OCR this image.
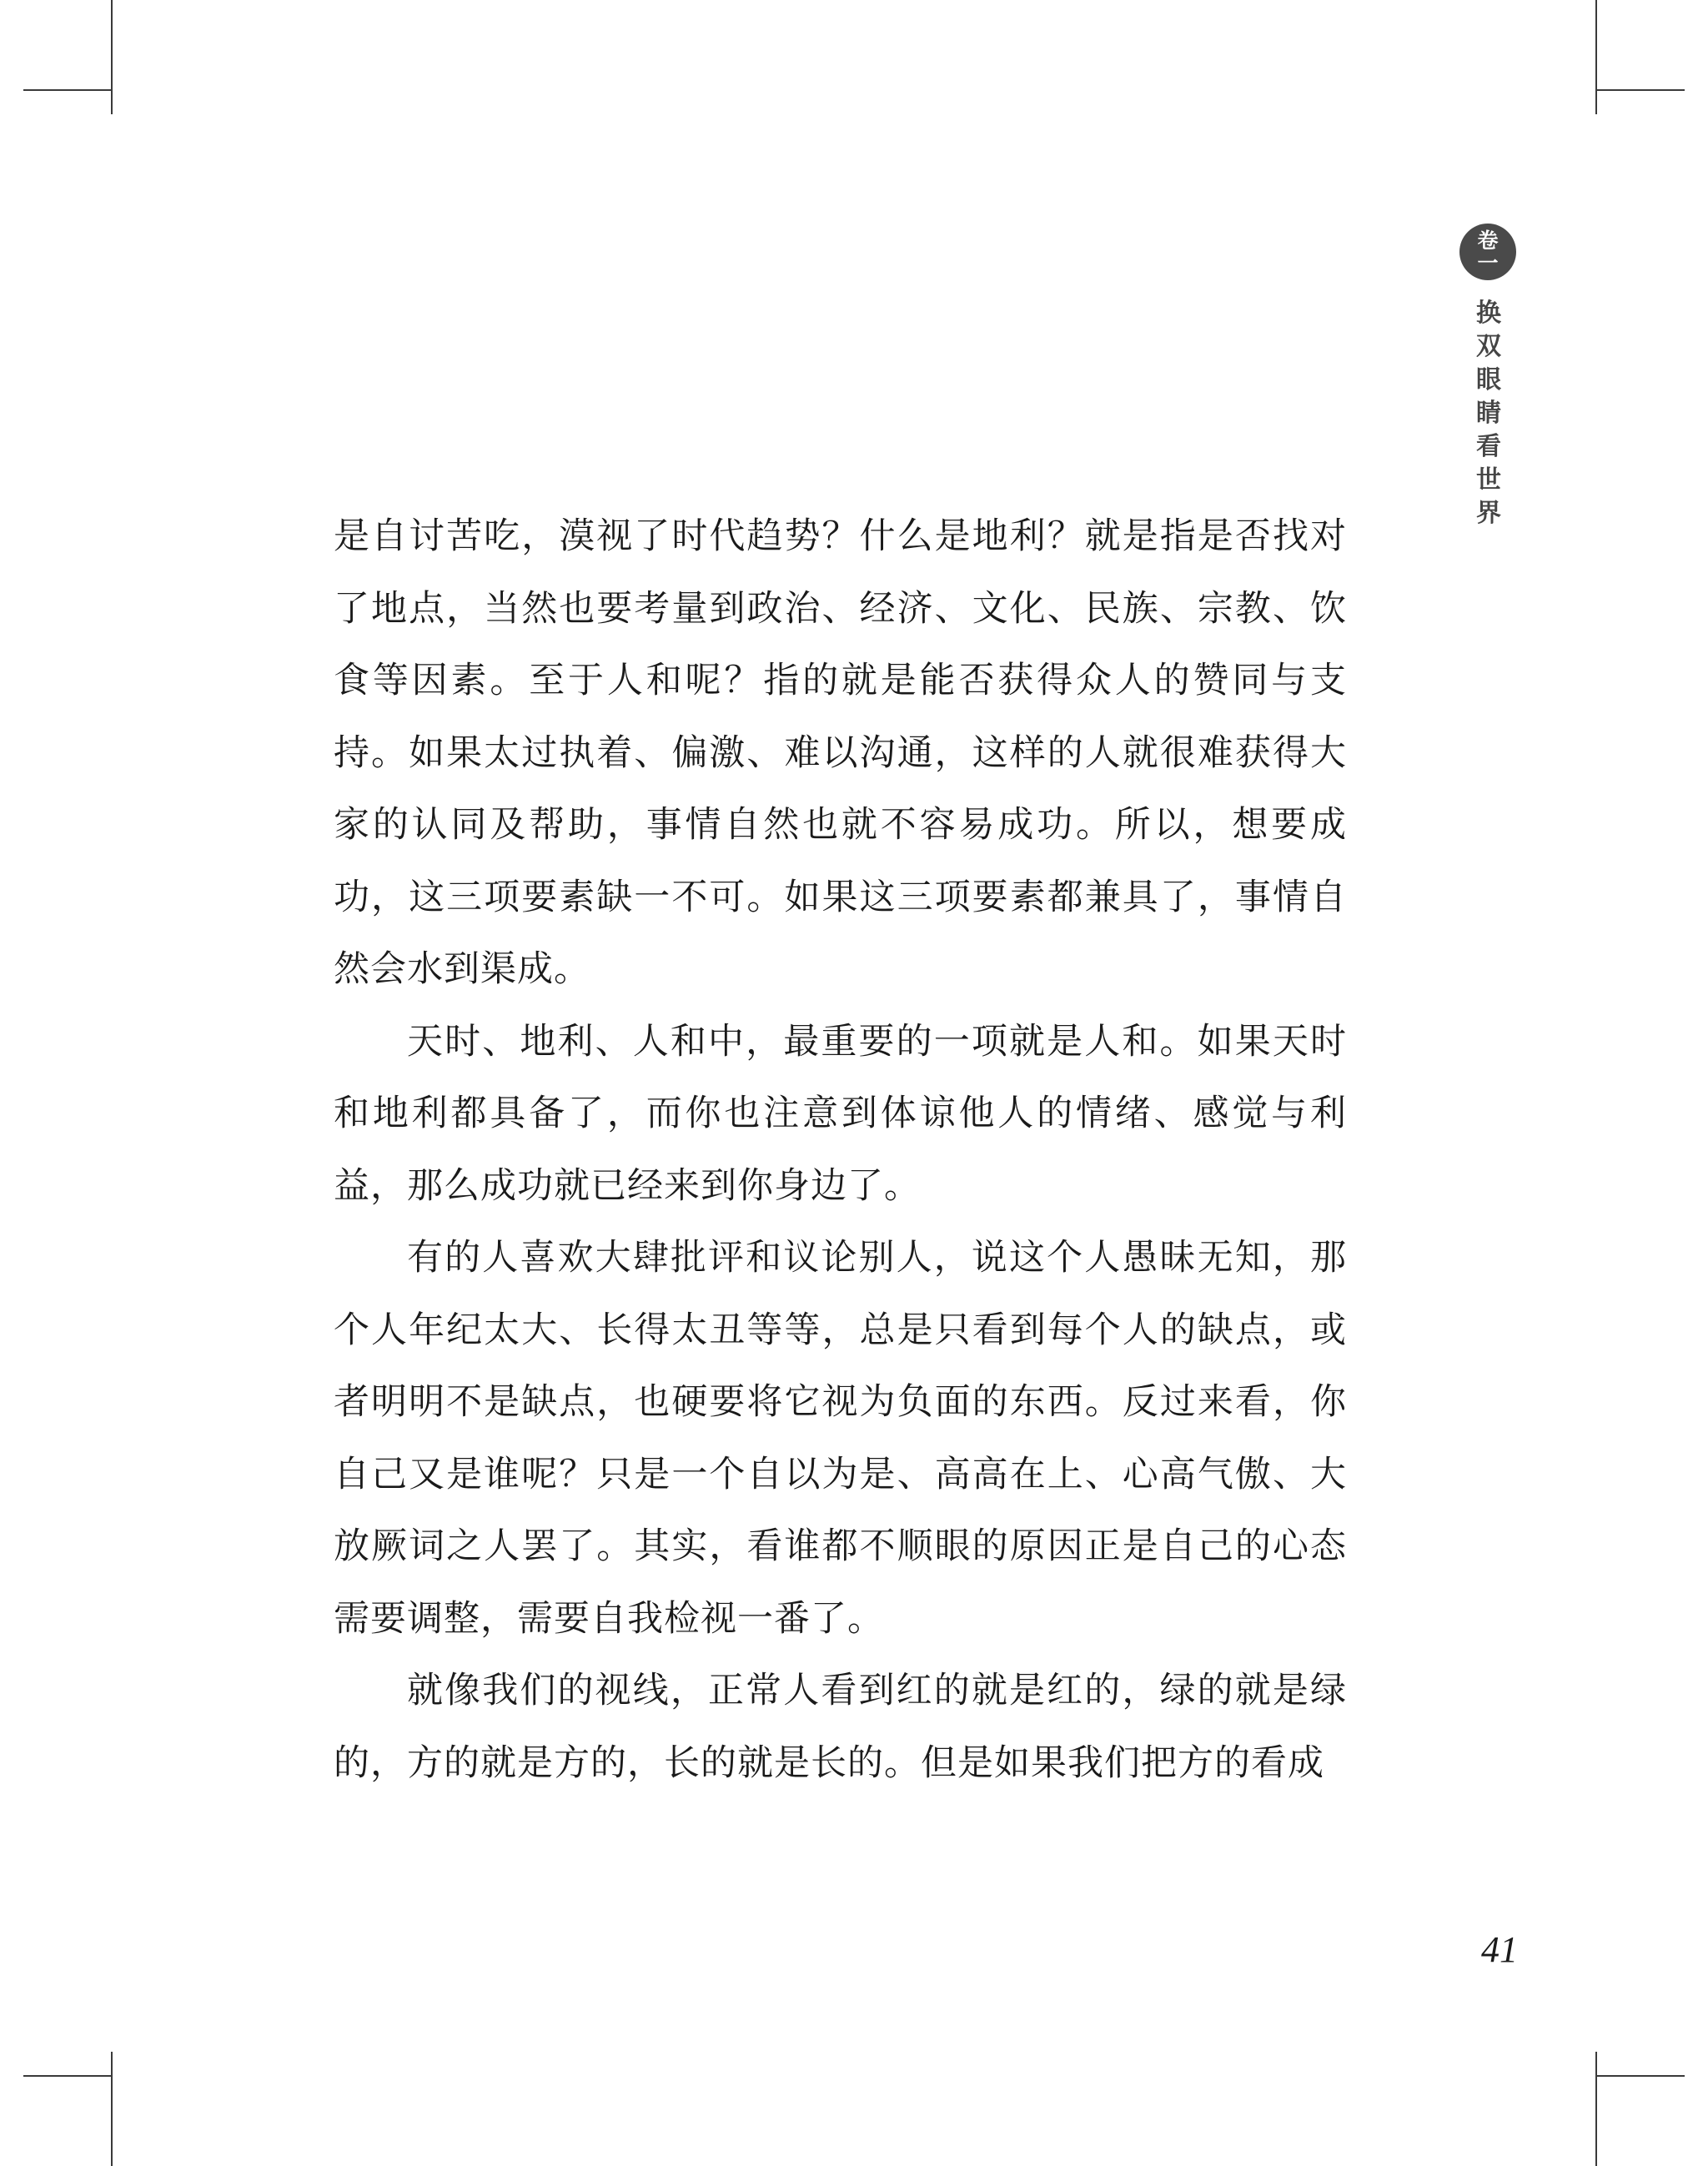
卷
一
换
双
眼
睛
看
世
界

是自讨苦吃，漠视了时代趋势？什么是地利？就是指是否找对了地点，当然也要考量到政治、经济、文化、民族、宗教、饮食等因素。至于人和呢？指的就是能否获得众人的赞同与支持。如果太过执着、偏激、难以沟通，这样的人就很难获得大家的认同及帮助，事情自然也就不容易成功。所以，想要成功，这三项要素缺一不可。如果这三项要素都兼具了，事情自然会水到渠成。

天时、地利、人和中，最重要的一项就是人和。如果天时和地利都具备了，而你也注意到体谅他人的情绪、感觉与利益，那么成功就已经来到你身边了。

有的人喜欢大肆批评和议论别人，说这个人愚昧无知，那个人年纪太大、长得太丑等等，总是只看到每个人的缺点，或者明明不是缺点，也硬要将它视为负面的东西。反过来看，你自己又是谁呢？只是一个自以为是、高高在上、心高气傲、大放厥词之人罢了。其实，看谁都不顺眼的原因正是自己的心态需要调整，需要自我检视一番了。

就像我们的视线，正常人看到红的就是红的，绿的就是绿的，方的就是方的，长的就是长的。但是如果我们把方的看成

41
